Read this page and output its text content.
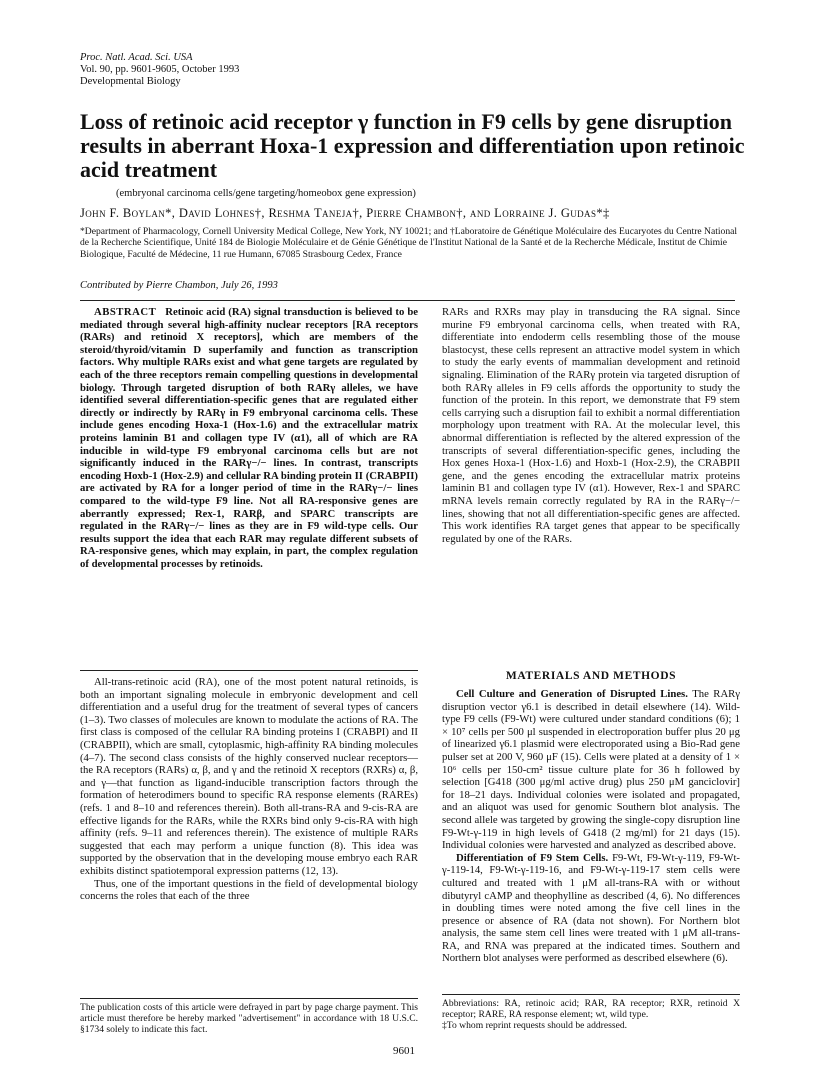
Proc. Natl. Acad. Sci. USA
Vol. 90, pp. 9601-9605, October 1993
Developmental Biology
Loss of retinoic acid receptor γ function in F9 cells by gene disruption results in aberrant Hoxa-1 expression and differentiation upon retinoic acid treatment
(embryonal carcinoma cells/gene targeting/homeobox gene expression)
John F. Boylan*, David Lohnes†, Reshma Taneja†, Pierre Chambon†, and Lorraine J. Gudas*‡
*Department of Pharmacology, Cornell University Medical College, New York, NY 10021; and †Laboratoire de Génétique Moléculaire des Eucaryotes du Centre National de la Recherche Scientifique, Unité 184 de Biologie Moléculaire et de Génie Génétique de l'Institut National de la Santé et de la Recherche Médicale, Institut de Chimie Biologique, Faculté de Médecine, 11 rue Humann, 67085 Strasbourg Cedex, France
Contributed by Pierre Chambon, July 26, 1993

ABSTRACT Retinoic acid (RA) signal transduction is believed to be mediated through several high-affinity nuclear receptors [RA receptors (RARs) and retinoid X receptors], which are members of the steroid/thyroid/vitamin D superfamily and function as transcription factors. Why multiple RARs exist and what gene targets are regulated by each of the three receptors remain compelling questions in developmental biology. Through targeted disruption of both RARγ alleles, we have identified several differentiation-specific genes that are regulated either directly or indirectly by RARγ in F9 embryonal carcinoma cells. These include genes encoding Hoxa-1 (Hox-1.6) and the extracellular matrix proteins laminin B1 and collagen type IV (α1), all of which are RA inducible in wild-type F9 embryonal carcinoma cells but are not significantly induced in the RARγ−/− lines. In contrast, transcripts encoding Hoxb-1 (Hox-2.9) and cellular RA binding protein II (CRABPII) are activated by RA for a longer period of time in the RARγ−/− lines compared to the wild-type F9 line. Not all RA-responsive genes are aberrantly expressed; Rex-1, RARβ, and SPARC transcripts are regulated in the RARγ−/− lines as they are in F9 wild-type cells. Our results support the idea that each RAR may regulate different subsets of RA-responsive genes, which may explain, in part, the complex regulation of developmental processes by retinoids.

All-trans-retinoic acid (RA), one of the most potent natural retinoids, is both an important signaling molecule in embryonic development and cell differentiation and a useful drug for the treatment of several types of cancers (1–3). Two classes of molecules are known to modulate the actions of RA. The first class is composed of the cellular RA binding proteins I (CRABPI) and II (CRABPII), which are small, cytoplasmic, high-affinity RA binding molecules (4–7). The second class consists of the highly conserved nuclear receptors—the RA receptors (RARs) α, β, and γ and the retinoid X receptors (RXRs) α, β, and γ—that function as ligand-inducible transcription factors through the formation of heterodimers bound to specific RA response elements (RAREs) (refs. 1 and 8–10 and references therein). Both all-trans-RA and 9-cis-RA are effective ligands for the RARs, while the RXRs bind only 9-cis-RA with high affinity (refs. 9–11 and references therein). The existence of multiple RARs suggested that each may perform a unique function (8). This idea was supported by the observation that in the developing mouse embryo each RAR exhibits distinct spatiotemporal expression patterns (12, 13).

Thus, one of the important questions in the field of developmental biology concerns the roles that each of the three

The publication costs of this article were defrayed in part by page charge payment. This article must therefore be hereby marked "advertisement" in accordance with 18 U.S.C. §1734 solely to indicate this fact.

RARs and RXRs may play in transducing the RA signal. Since murine F9 embryonal carcinoma cells, when treated with RA, differentiate into endoderm cells resembling those of the mouse blastocyst, these cells represent an attractive model system in which to study the early events of mammalian development and retinoid signaling. Elimination of the RARγ protein via targeted disruption of both RARγ alleles in F9 cells affords the opportunity to study the function of the protein. In this report, we demonstrate that F9 stem cells carrying such a disruption fail to exhibit a normal differentiation morphology upon treatment with RA. At the molecular level, this abnormal differentiation is reflected by the altered expression of the transcripts of several differentiation-specific genes, including the Hox genes Hoxa-1 (Hox-1.6) and Hoxb-1 (Hox-2.9), the CRABPII gene, and the genes encoding the extracellular matrix proteins laminin B1 and collagen type IV (α1). However, Rex-1 and SPARC mRNA levels remain correctly regulated by RA in the RARγ−/− lines, showing that not all differentiation-specific genes are affected. This work identifies RA target genes that appear to be specifically regulated by one of the RARs.

MATERIALS AND METHODS

Cell Culture and Generation of Disrupted Lines. The RARγ disruption vector γ6.1 is described in detail elsewhere (14). Wild-type F9 cells (F9-Wt) were cultured under standard conditions (6); 1 × 10⁷ cells per 500 μl suspended in electroporation buffer plus 20 μg of linearized γ6.1 plasmid were electroporated using a Bio-Rad gene pulser set at 200 V, 960 μF (15). Cells were plated at a density of 1 × 10⁶ cells per 150-cm² tissue culture plate for 36 h followed by selection [G418 (300 μg/ml active drug) plus 250 μM ganciclovir] for 18–21 days. Individual colonies were isolated and propagated, and an aliquot was used for genomic Southern blot analysis. The second allele was targeted by growing the single-copy disruption line F9-Wt-γ-119 in high levels of G418 (2 mg/ml) for 21 days (15). Individual colonies were harvested and analyzed as described above.

Differentiation of F9 Stem Cells. F9-Wt, F9-Wt-γ-119, F9-Wt-γ-119-14, F9-Wt-γ-119-16, and F9-Wt-γ-119-17 stem cells were cultured and treated with 1 μM all-trans-RA with or without dibutyryl cAMP and theophylline as described (4, 6). No differences in doubling times were noted among the five cell lines in the presence or absence of RA (data not shown). For Northern blot analysis, the same stem cell lines were treated with 1 μM all-trans-RA, and RNA was prepared at the indicated times. Southern and Northern blot analyses were performed as described elsewhere (6).

Abbreviations: RA, retinoic acid; RAR, RA receptor; RXR, retinoid X receptor; RARE, RA response element; wt, wild type.
‡To whom reprint requests should be addressed.
9601
